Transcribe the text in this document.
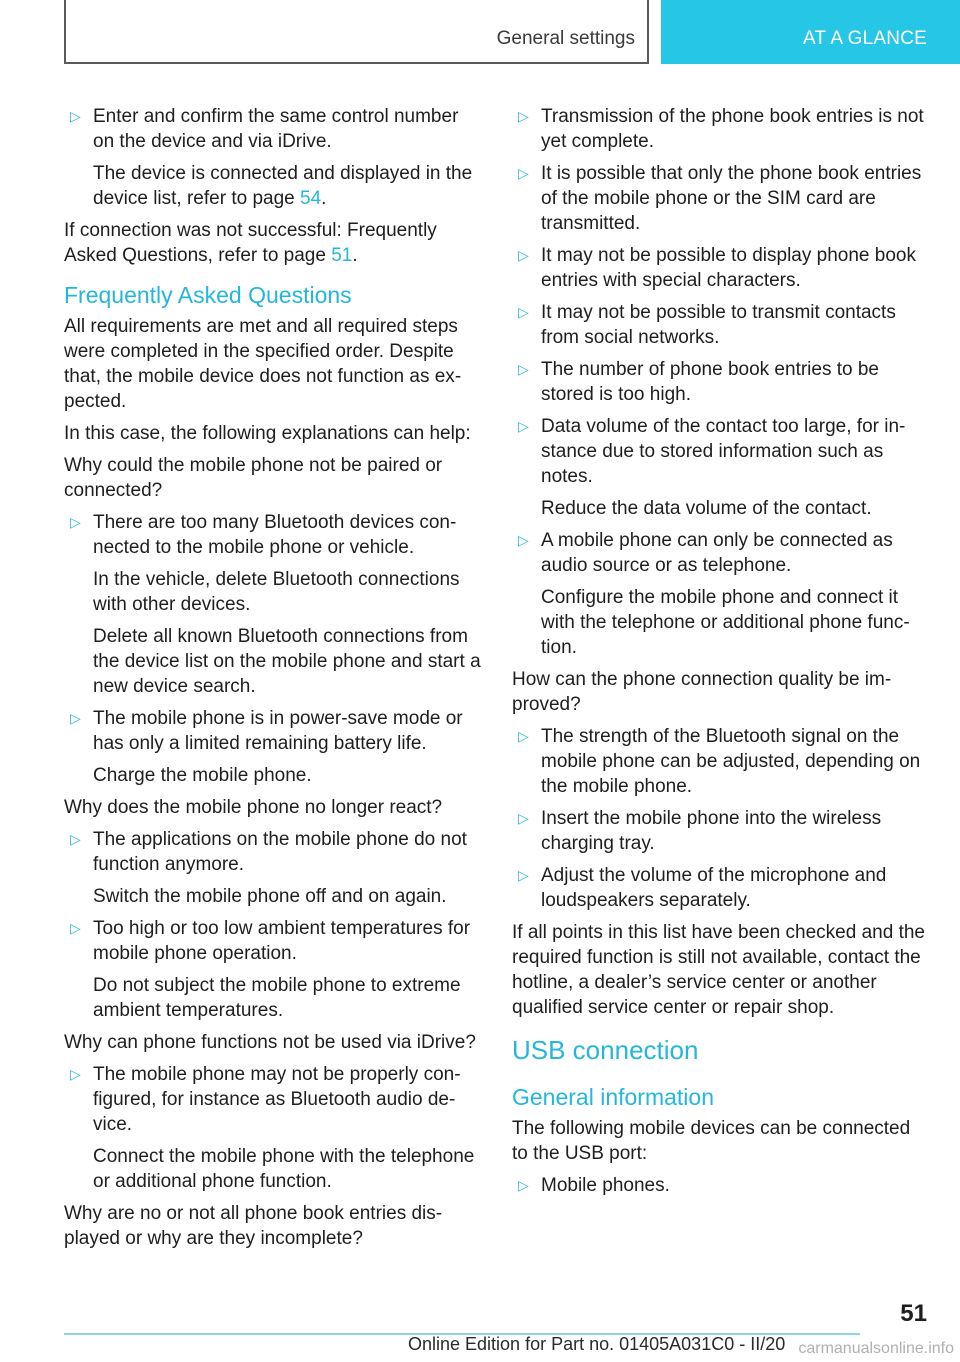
General settings	AT A GLANCE
▷ Enter and confirm the same control number on the device and via iDrive.
The device is connected and displayed in the device list, refer to page 54.

If connection was not successful: Frequently Asked Questions, refer to page 51.

Frequently Asked Questions

All requirements are met and all required steps were completed in the specified order. Despite that, the mobile device does not function as expected.

In this case, the following explanations can help:

Why could the mobile phone not be paired or connected?

▷ There are too many Bluetooth devices connected to the mobile phone or vehicle.
In the vehicle, delete Bluetooth connections with other devices.
Delete all known Bluetooth connections from the device list on the mobile phone and start a new device search.
▷ The mobile phone is in power-save mode or has only a limited remaining battery life.
Charge the mobile phone.

Why does the mobile phone no longer react?

▷ The applications on the mobile phone do not function anymore.
Switch the mobile phone off and on again.
▷ Too high or too low ambient temperatures for mobile phone operation.
Do not subject the mobile phone to extreme ambient temperatures.

Why can phone functions not be used via iDrive?

▷ The mobile phone may not be properly configured, for instance as Bluetooth audio device.
Connect the mobile phone with the telephone or additional phone function.

Why are no or not all phone book entries displayed or why are they incomplete?

▷ Transmission of the phone book entries is not yet complete.
▷ It is possible that only the phone book entries of the mobile phone or the SIM card are transmitted.
▷ It may not be possible to display phone book entries with special characters.
▷ It may not be possible to transmit contacts from social networks.
▷ The number of phone book entries to be stored is too high.
▷ Data volume of the contact too large, for instance due to stored information such as notes.
Reduce the data volume of the contact.
▷ A mobile phone can only be connected as audio source or as telephone.
Configure the mobile phone and connect it with the telephone or additional phone function.

How can the phone connection quality be improved?

▷ The strength of the Bluetooth signal on the mobile phone can be adjusted, depending on the mobile phone.
▷ Insert the mobile phone into the wireless charging tray.
▷ Adjust the volume of the microphone and loudspeakers separately.

If all points in this list have been checked and the required function is still not available, contact the hotline, a dealer’s service center or another qualified service center or repair shop.

USB connection
General information

The following mobile devices can be connected to the USB port:

▷ Mobile phones.
51
Online Edition for Part no. 01405A031C0 - II/20 carmanualsonline.info
